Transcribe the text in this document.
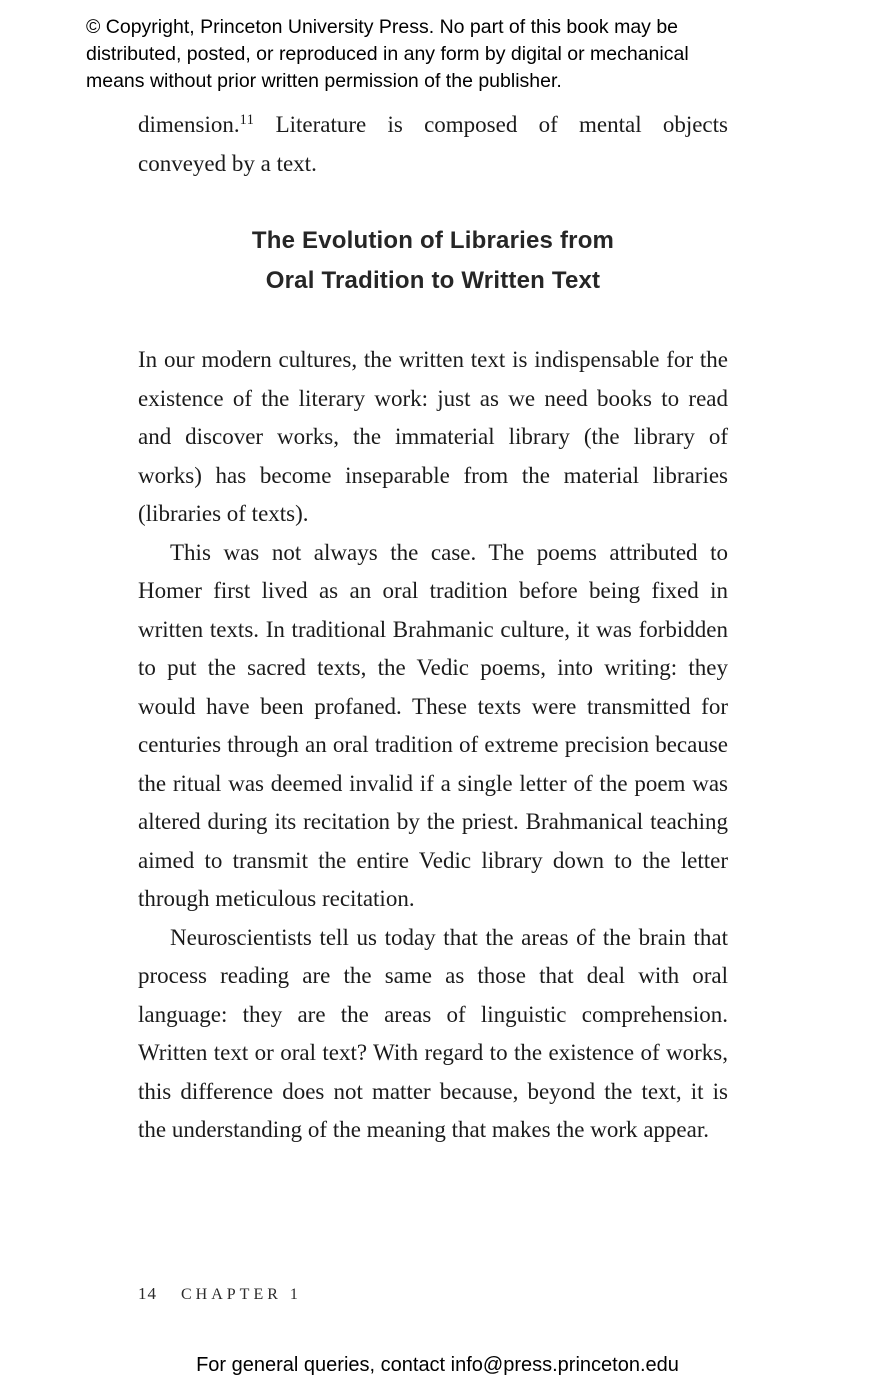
© Copyright, Princeton University Press. No part of this book may be
distributed, posted, or reproduced in any form by digital or mechanical
means without prior written permission of the publisher.

dimension.$^{11}$ Literature is composed of mental objects conveyed by a text.

The Evolution of Libraries from
Oral Tradition to Written Text

In our modern cultures, the written text is indispensable for the existence of the literary work: just as we need books to read and discover works, the immaterial library (the library of works) has become inseparable from the material libraries (libraries of texts).

This was not always the case. The poems attributed to Homer first lived as an oral tradition before being fixed in written texts. In traditional Brahmanic culture, it was forbidden to put the sacred texts, the Vedic poems, into writing: they would have been profaned. These texts were transmitted for centuries through an oral tradition of extreme precision because the ritual was deemed invalid if a single letter of the poem was altered during its recitation by the priest. Brahmanical teaching aimed to transmit the entire Vedic library down to the letter through meticulous recitation.

Neuroscientists tell us today that the areas of the brain that process reading are the same as those that deal with oral language: they are the areas of linguistic comprehension. Written text or oral text? With regard to the existence of works, this difference does not matter because, beyond the text, it is the understanding of the meaning that makes the work appear.

14 CHAPTER 1
For general queries, contact info@press.princeton.edu
